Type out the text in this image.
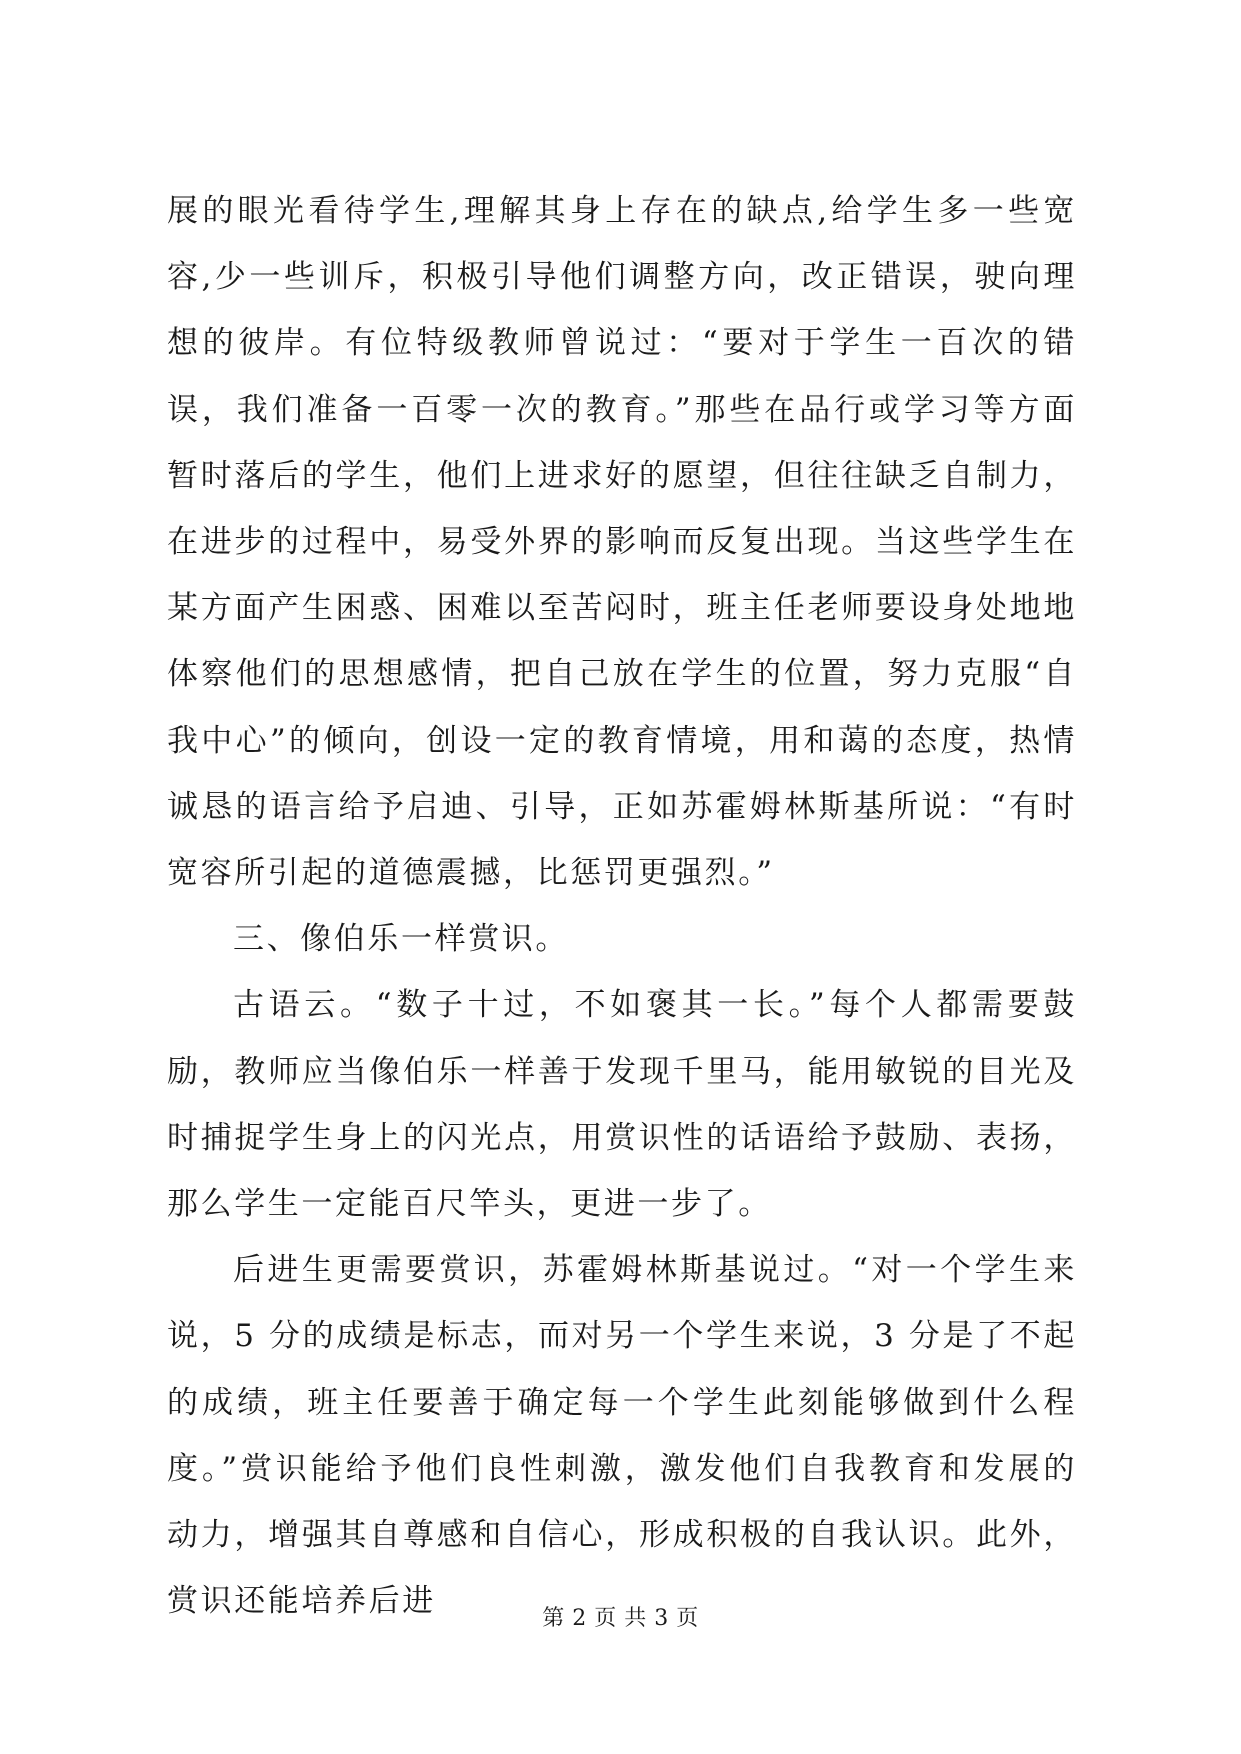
展的眼光看待学生,理解其身上存在的缺点,给学生多一些宽容,少一些训斥，积极引导他们调整方向，改正错误，驶向理想的彼岸。有位特级教师曾说过：“要对于学生一百次的错误，我们准备一百零一次的教育。”那些在品行或学习等方面暂时落后的学生，他们上进求好的愿望，但往往缺乏自制力，在进步的过程中，易受外界的影响而反复出现。当这些学生在某方面产生困惑、困难以至苦闷时，班主任老师要设身处地地体察他们的思想感情，把自己放在学生的位置，努力克服“自我中心”的倾向，创设一定的教育情境，用和蔼的态度，热情诚恳的语言给予启迪、引导，正如苏霍姆林斯基所说：“有时宽容所引起的道德震撼，比惩罚更强烈。”

三、像伯乐一样赏识。

古语云。“数子十过，不如褒其一长。”每个人都需要鼓励，教师应当像伯乐一样善于发现千里马，能用敏锐的目光及时捕捉学生身上的闪光点，用赏识性的话语给予鼓励、表扬，那么学生一定能百尺竿头，更进一步了。

后进生更需要赏识，苏霍姆林斯基说过。“对一个学生来说，5 分的成绩是标志，而对另一个学生来说，3 分是了不起的成绩，班主任要善于确定每一个学生此刻能够做到什么程度。”赏识能给予他们良性刺激，激发他们自我教育和发展的动力，增强其自尊感和自信心，形成积极的自我认识。此外，赏识还能培养后进	第 2 页 共 3 页
